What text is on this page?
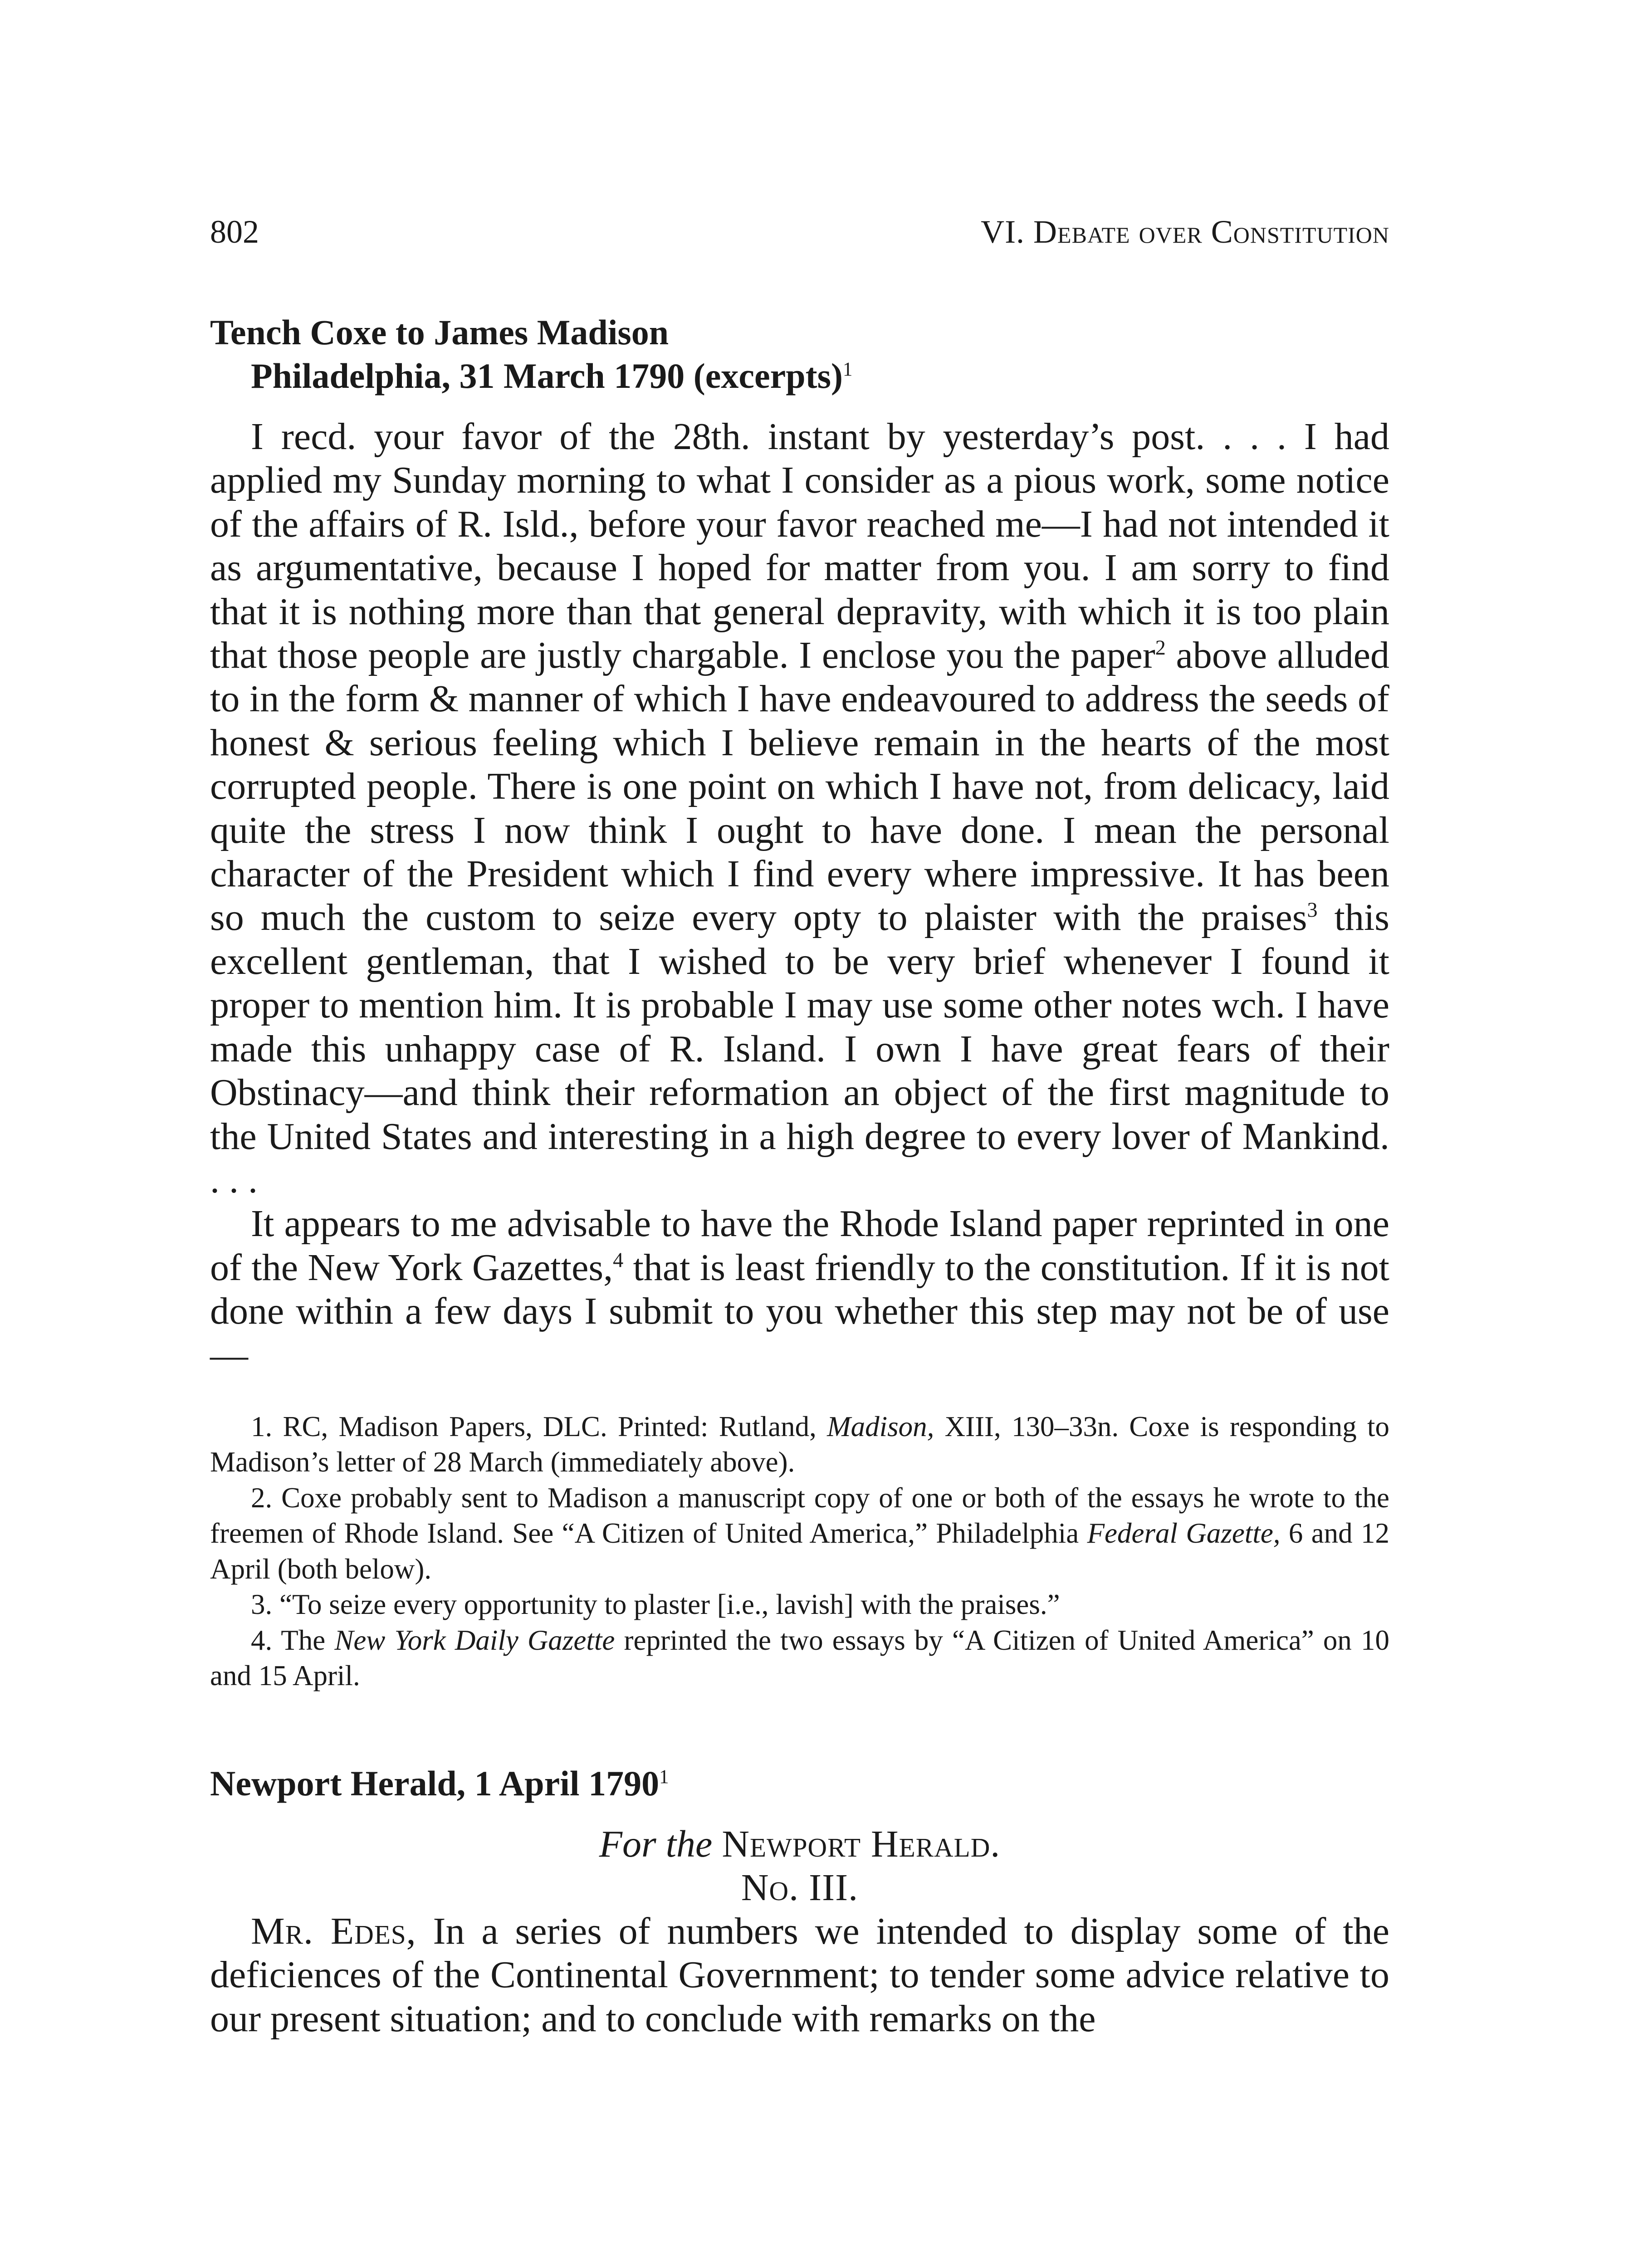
802	VI. Debate over Constitution
Tench Coxe to James Madison
Philadelphia, 31 March 1790 (excerpts)$^1$

I recd. your favor of the 28th. instant by yesterday’s post. . . . I had applied my Sunday morning to what I consider as a pious work, some notice of the affairs of R. Isld., before your favor reached me—I had not intended it as argumentative, because I hoped for matter from you. I am sorry to find that it is nothing more than that general depravity, with which it is too plain that those people are justly chargable. I enclose you the paper$^2$ above alluded to in the form & manner of which I have endeavoured to address the seeds of honest & serious feeling which I believe remain in the hearts of the most corrupted people. There is one point on which I have not, from delicacy, laid quite the stress I now think I ought to have done. I mean the personal character of the President which I find every where impressive. It has been so much the custom to seize every opty to plaister with the praises$^3$ this excellent gentleman, that I wished to be very brief whenever I found it proper to mention him. It is probable I may use some other notes wch. I have made this unhappy case of R. Island. I own I have great fears of their Obstinacy—and think their reformation an object of the first magnitude to the United States and interesting in a high degree to every lover of Mankind. . . .

It appears to me advisable to have the Rhode Island paper reprinted in one of the New York Gazettes,$^4$ that is least friendly to the constitution. If it is not done within a few days I submit to you whether this step may not be of use—

1. RC, Madison Papers, DLC. Printed: Rutland, Madison, XIII, 130–33n. Coxe is responding to Madison’s letter of 28 March (immediately above).

2. Coxe probably sent to Madison a manuscript copy of one or both of the essays he wrote to the freemen of Rhode Island. See “A Citizen of United America,” Philadelphia Federal Gazette, 6 and 12 April (both below).

3. “To seize every opportunity to plaster [i.e., lavish] with the praises.”

4. The New York Daily Gazette reprinted the two essays by “A Citizen of United America” on 10 and 15 April.

Newport Herald, 1 April 1790$^1$
For the Newport Herald.
No. III.

Mr. Edes, In a series of numbers we intended to display some of the deficiences of the Continental Government; to tender some advice relative to our present situation; and to conclude with remarks on the
